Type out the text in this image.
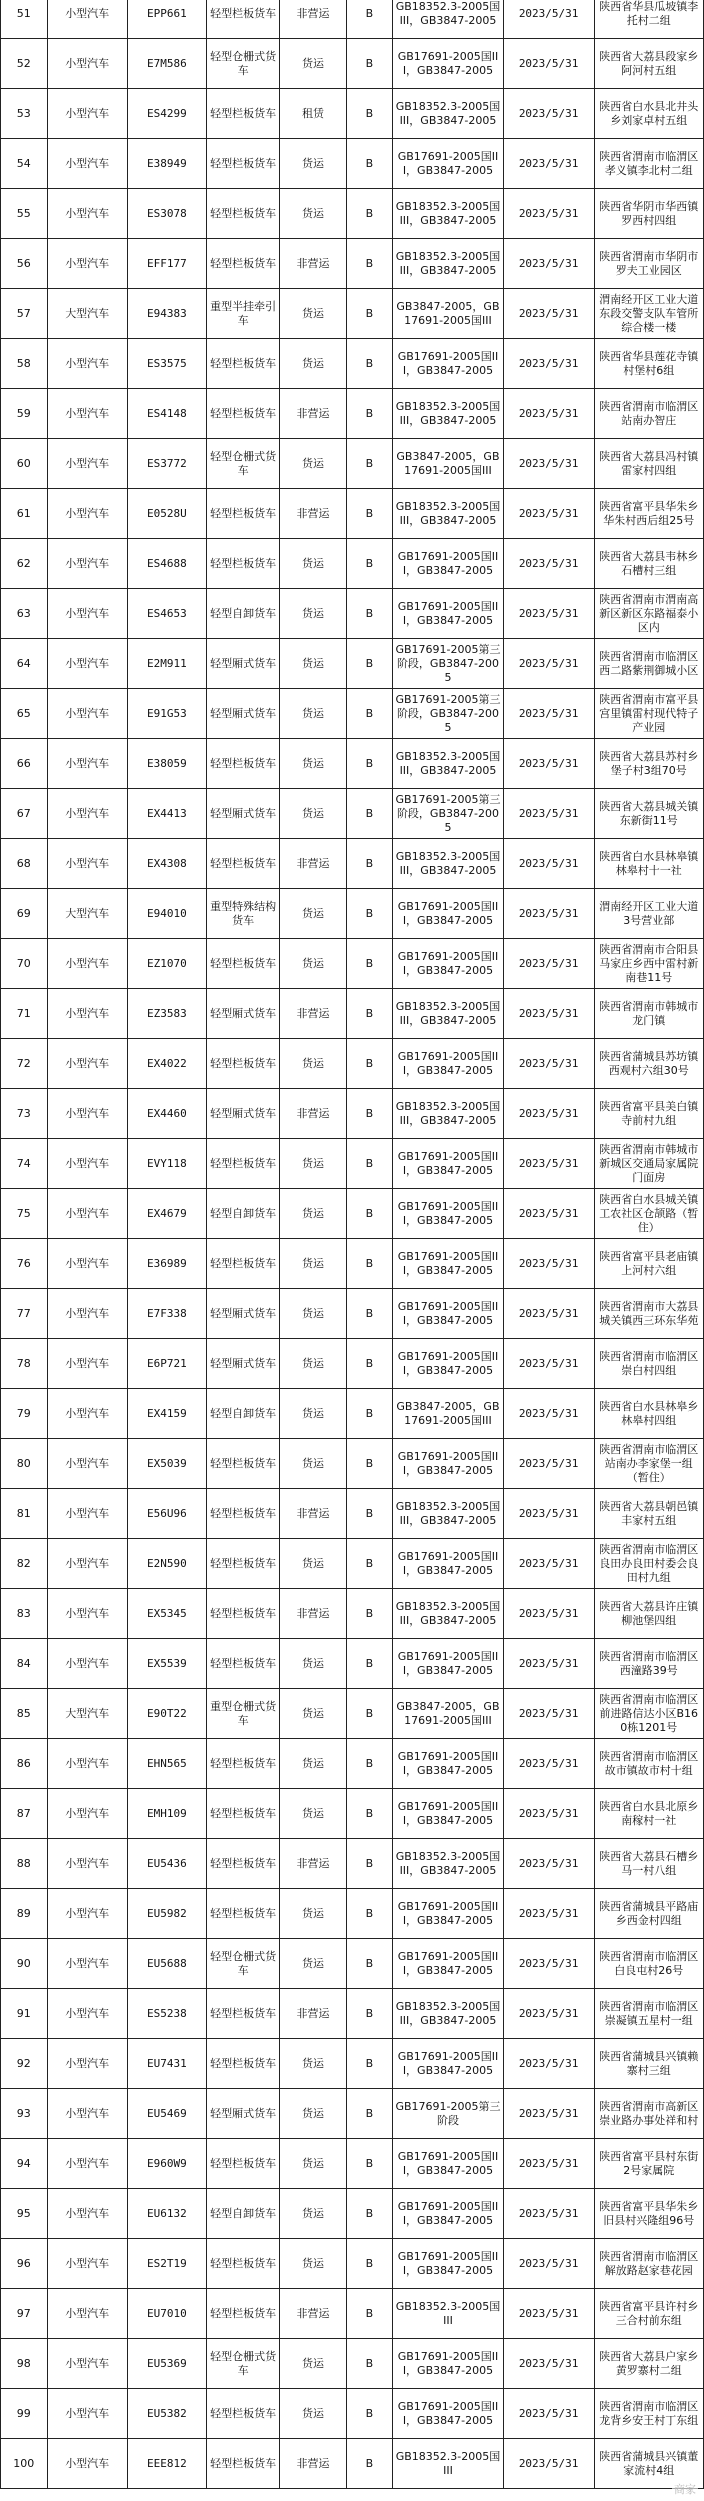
51	小型汽车	EPP661	轻型栏板货车	非营运	B	GB18352.3-2005国III，GB3847-2005	2023/5/31	陕西省华县瓜坡镇李托村二组
52	小型汽车	E7M586	轻型仓栅式货车	货运	B	GB17691-2005国III，GB3847-2005	2023/5/31	陕西省大荔县段家乡阿河村五组
53	小型汽车	ES4299	轻型栏板货车	租赁	B	GB18352.3-2005国III，GB3847-2005	2023/5/31	陕西省白水县北井头乡刘家卓村五组
54	小型汽车	E38949	轻型栏板货车	货运	B	GB17691-2005国III，GB3847-2005	2023/5/31	陕西省渭南市临渭区孝义镇李北村二组
55	小型汽车	ES3078	轻型栏板货车	货运	B	GB18352.3-2005国III，GB3847-2005	2023/5/31	陕西省华阴市华西镇罗西村四组
56	小型汽车	EFF177	轻型栏板货车	非营运	B	GB18352.3-2005国III，GB3847-2005	2023/5/31	陕西省渭南市华阴市罗夫工业园区
57	大型汽车	E94383	重型半挂牵引车	货运	B	GB3847-2005，GB17691-2005国III	2023/5/31	渭南经开区工业大道东段交警支队车管所综合楼一楼
58	小型汽车	ES3575	轻型栏板货车	货运	B	GB17691-2005国III，GB3847-2005	2023/5/31	陕西省华县莲花寺镇村堡村6组
59	小型汽车	ES4148	轻型栏板货车	非营运	B	GB18352.3-2005国III，GB3847-2005	2023/5/31	陕西省渭南市临渭区站南办智庄
60	小型汽车	ES3772	轻型仓栅式货车	货运	B	GB3847-2005，GB17691-2005国III	2023/5/31	陕西省大荔县冯村镇雷家村四组
61	小型汽车	E0528U	轻型栏板货车	非营运	B	GB18352.3-2005国III，GB3847-2005	2023/5/31	陕西省富平县华朱乡华朱村西后组25号
62	小型汽车	ES4688	轻型栏板货车	货运	B	GB17691-2005国III，GB3847-2005	2023/5/31	陕西省大荔县韦林乡石槽村三组
63	小型汽车	ES4653	轻型自卸货车	货运	B	GB17691-2005国III，GB3847-2005	2023/5/31	陕西省渭南市渭南高新区新区东路福泰小区内
64	小型汽车	E2M911	轻型厢式货车	货运	B	GB17691-2005第三阶段，GB3847-2005	2023/5/31	陕西省渭南市临渭区西二路紫荆御城小区
65	小型汽车	E91G53	轻型厢式货车	货运	B	GB17691-2005第三阶段，GB3847-2005	2023/5/31	陕西省渭南市富平县宫里镇雷村现代特子产业园
66	小型汽车	E38059	轻型栏板货车	货运	B	GB18352.3-2005国III，GB3847-2005	2023/5/31	陕西省大荔县苏村乡堡子村3组70号
67	小型汽车	EX4413	轻型厢式货车	货运	B	GB17691-2005第三阶段，GB3847-2005	2023/5/31	陕西省大荔县城关镇东新街11号
68	小型汽车	EX4308	轻型栏板货车	非营运	B	GB18352.3-2005国III，GB3847-2005	2023/5/31	陕西省白水县林皋镇林皋村十一社
69	大型汽车	E94010	重型特殊结构货车	货运	B	GB17691-2005国III，GB3847-2005	2023/5/31	渭南经开区工业大道3号营业部
70	小型汽车	EZ1070	轻型栏板货车	货运	B	GB17691-2005国III，GB3847-2005	2023/5/31	陕西省渭南市合阳县马家庄乡西中雷村新南巷11号
71	小型汽车	EZ3583	轻型厢式货车	非营运	B	GB18352.3-2005国III，GB3847-2005	2023/5/31	陕西省渭南市韩城市龙门镇
72	小型汽车	EX4022	轻型栏板货车	货运	B	GB17691-2005国III，GB3847-2005	2023/5/31	陕西省蒲城县苏坊镇西观村六组30号
73	小型汽车	EX4460	轻型厢式货车	非营运	B	GB18352.3-2005国III，GB3847-2005	2023/5/31	陕西省富平县美白镇寺前村九组
74	小型汽车	EVY118	轻型栏板货车	货运	B	GB17691-2005国III，GB3847-2005	2023/5/31	陕西省渭南市韩城市新城区交通局家属院门面房
75	小型汽车	EX4679	轻型自卸货车	货运	B	GB17691-2005国III，GB3847-2005	2023/5/31	陕西省白水县城关镇工农社区仓颉路（暂住）
76	小型汽车	E36989	轻型栏板货车	货运	B	GB17691-2005国III，GB3847-2005	2023/5/31	陕西省富平县老庙镇上河村六组
77	小型汽车	E7F338	轻型厢式货车	货运	B	GB17691-2005国III，GB3847-2005	2023/5/31	陕西省渭南市大荔县城关镇西三环东华苑
78	小型汽车	E6P721	轻型厢式货车	货运	B	GB17691-2005国III，GB3847-2005	2023/5/31	陕西省渭南市临渭区崇白村四组
79	小型汽车	EX4159	轻型自卸货车	货运	B	GB3847-2005，GB17691-2005国III	2023/5/31	陕西省白水县林皋乡林皋村四组
80	小型汽车	EX5039	轻型栏板货车	货运	B	GB17691-2005国III，GB3847-2005	2023/5/31	陕西省渭南市临渭区站南办李家堡一组（暂住）
81	小型汽车	E56U96	轻型栏板货车	非营运	B	GB18352.3-2005国III，GB3847-2005	2023/5/31	陕西省大荔县朝邑镇丰家村五组
82	小型汽车	E2N590	轻型栏板货车	货运	B	GB17691-2005国III，GB3847-2005	2023/5/31	陕西省渭南市临渭区良田办良田村委会良田村九组
83	小型汽车	EX5345	轻型栏板货车	非营运	B	GB18352.3-2005国III，GB3847-2005	2023/5/31	陕西省大荔县许庄镇柳池堡四组
84	小型汽车	EX5539	轻型栏板货车	货运	B	GB17691-2005国III，GB3847-2005	2023/5/31	陕西省渭南市临渭区西潼路39号
85	大型汽车	E90T22	重型仓栅式货车	货运	B	GB3847-2005，GB17691-2005国III	2023/5/31	陕西省渭南市临渭区前进路信达小区B160栋1201号
86	小型汽车	EHN565	轻型栏板货车	货运	B	GB17691-2005国III，GB3847-2005	2023/5/31	陕西省渭南市临渭区故市镇故市村十组
87	小型汽车	EMH109	轻型栏板货车	货运	B	GB17691-2005国III，GB3847-2005	2023/5/31	陕西省白水县北原乡南稼村一社
88	小型汽车	EU5436	轻型栏板货车	非营运	B	GB18352.3-2005国III，GB3847-2005	2023/5/31	陕西省大荔县石槽乡马一村八组
89	小型汽车	EU5982	轻型栏板货车	货运	B	GB17691-2005国III，GB3847-2005	2023/5/31	陕西省蒲城县平路庙乡西金村四组
90	小型汽车	EU5688	轻型仓栅式货车	货运	B	GB17691-2005国III，GB3847-2005	2023/5/31	陕西省渭南市临渭区白良屯村26号
91	小型汽车	ES5238	轻型栏板货车	非营运	B	GB18352.3-2005国III，GB3847-2005	2023/5/31	陕西省渭南市临渭区崇凝镇五星村一组
92	小型汽车	EU7431	轻型栏板货车	货运	B	GB17691-2005国III，GB3847-2005	2023/5/31	陕西省蒲城县兴镇赖寨村三组
93	小型汽车	EU5469	轻型厢式货车	货运	B	GB17691-2005第三阶段	2023/5/31	陕西省渭南市高新区崇业路办事处祥和村
94	小型汽车	E960W9	轻型栏板货车	货运	B	GB17691-2005国III，GB3847-2005	2023/5/31	陕西省富平县村东街2号家属院
95	小型汽车	EU6132	轻型自卸货车	货运	B	GB17691-2005国III，GB3847-2005	2023/5/31	陕西省富平县华朱乡旧县村兴隆组96号
96	小型汽车	ES2T19	轻型栏板货车	货运	B	GB17691-2005国III，GB3847-2005	2023/5/31	陕西省渭南市临渭区解放路赵家巷花园
97	小型汽车	EU7010	轻型栏板货车	非营运	B	GB18352.3-2005国III	2023/5/31	陕西省富平县许村乡三合村前东组
98	小型汽车	EU5369	轻型仓栅式货车	货运	B	GB17691-2005国III，GB3847-2005	2023/5/31	陕西省大荔县户家乡黄罗寨村二组
99	小型汽车	EU5382	轻型栏板货车	货运	B	GB17691-2005国III，GB3847-2005	2023/5/31	陕西省渭南市临渭区龙背乡安王村丁东组
100	小型汽车	EEE812	轻型栏板货车	非营运	B	GB18352.3-2005国III	2023/5/31	陕西省蒲城县兴镇董家流村4组
商家
